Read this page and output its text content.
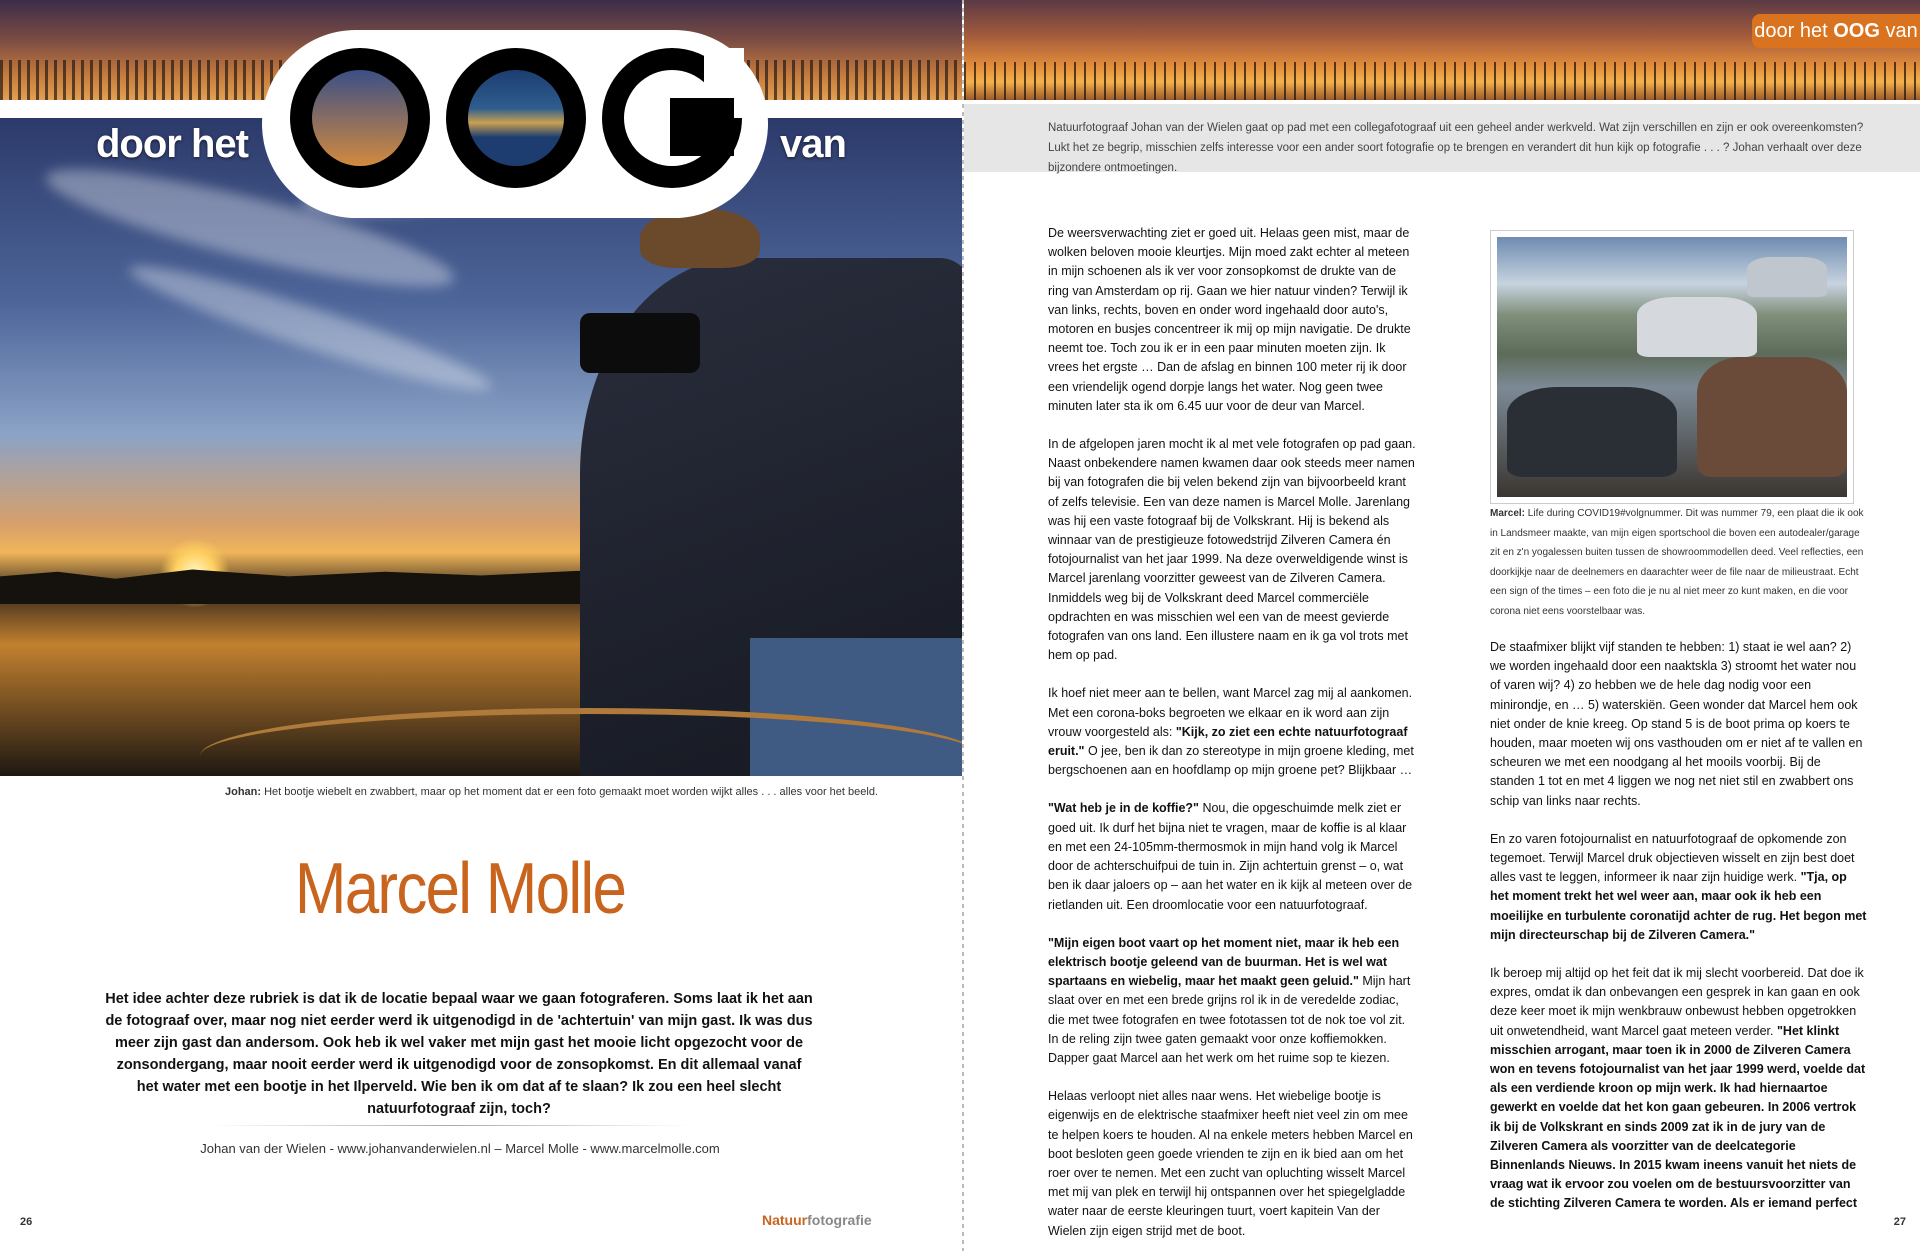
door het	van
Johan: Het bootje wiebelt en zwabbert, maar op het moment dat er een foto gemaakt moet worden wijkt alles . . . alles voor het beeld.
Marcel Molle
Het idee achter deze rubriek is dat ik de locatie bepaal waar we gaan fotograferen. Soms laat ik het aan de fotograaf over, maar nog niet eerder werd ik uitgenodigd in de 'achtertuin' van mijn gast. Ik was dus meer zijn gast dan andersom. Ook heb ik wel vaker met mijn gast het mooie licht opgezocht voor de zonsondergang, maar nooit eerder werd ik uitgenodigd voor de zonsopkomst. En dit allemaal vanaf het water met een bootje in het Ilperveld. Wie ben ik om dat af te slaan? Ik zou een heel slecht natuurfotograaf zijn, toch?
Johan van der Wielen - www.johanvanderwielen.nl – Marcel Molle - www.marcelmolle.com
26	Natuurfotografie
door het OOG van
Natuurfotograaf Johan van der Wielen gaat op pad met een collegafotograaf uit een geheel ander werkveld. Wat zijn verschillen en zijn er ook overeenkomsten? Lukt het ze begrip, misschien zelfs interesse voor een ander soort fotografie op te brengen en verandert dit hun kijk op fotografie . . . ? Johan verhaalt over deze bijzondere ontmoetingen.

De weersverwachting ziet er goed uit. Helaas geen mist, maar de wolken beloven mooie kleurtjes. Mijn moed zakt echter al meteen in mijn schoenen als ik ver voor zonsopkomst de drukte van de ring van Amsterdam op rij. Gaan we hier natuur vinden? Terwijl ik van links, rechts, boven en onder word ingehaald door auto's, motoren en busjes concentreer ik mij op mijn navigatie. De drukte neemt toe. Toch zou ik er in een paar minuten moeten zijn. Ik vrees het ergste … Dan de afslag en binnen 100 meter rij ik door een vriendelijk ogend dorpje langs het water. Nog geen twee minuten later sta ik om 6.45 uur voor de deur van Marcel.

In de afgelopen jaren mocht ik al met vele fotografen op pad gaan. Naast onbekendere namen kwamen daar ook steeds meer namen bij van fotografen die bij velen bekend zijn van bijvoorbeeld krant of zelfs televisie. Een van deze namen is Marcel Molle. Jarenlang was hij een vaste fotograaf bij de Volkskrant. Hij is bekend als winnaar van de prestigieuze fotowedstrijd Zilveren Camera én fotojournalist van het jaar 1999. Na deze overweldigende winst is Marcel jarenlang voorzitter geweest van de Zilveren Camera. Inmiddels weg bij de Volkskrant deed Marcel commerciële opdrachten en was misschien wel een van de meest gevierde fotografen van ons land. Een illustere naam en ik ga vol trots met hem op pad.

Ik hoef niet meer aan te bellen, want Marcel zag mij al aankomen. Met een corona-boks begroeten we elkaar en ik word aan zijn vrouw voorgesteld als: "Kijk, zo ziet een echte natuurfotograaf eruit." O jee, ben ik dan zo stereotype in mijn groene kleding, met bergschoenen aan en hoofdlamp op mijn groene pet? Blijkbaar …

"Wat heb je in de koffie?" Nou, die opgeschuimde melk ziet er goed uit. Ik durf het bijna niet te vragen, maar de koffie is al klaar en met een 24-105mm-thermosmok in mijn hand volg ik Marcel door de achterschuifpui de tuin in. Zijn achtertuin grenst – o, wat ben ik daar jaloers op – aan het water en ik kijk al meteen over de rietlanden uit. Een droomlocatie voor een natuurfotograaf.

"Mijn eigen boot vaart op het moment niet, maar ik heb een elektrisch bootje geleend van de buurman. Het is wel wat spartaans en wiebelig, maar het maakt geen geluid." Mijn hart slaat over en met een brede grijns rol ik in de veredelde zodiac, die met twee fotografen en twee fototassen tot de nok toe vol zit. In de reling zijn twee gaten gemaakt voor onze koffiemokken. Dapper gaat Marcel aan het werk om het ruime sop te kiezen.

Helaas verloopt niet alles naar wens. Het wiebelige bootje is eigenwijs en de elektrische staafmixer heeft niet veel zin om mee te helpen koers te houden. Al na enkele meters hebben Marcel en boot besloten geen goede vrienden te zijn en ik bied aan om het roer over te nemen. Met een zucht van opluchting wisselt Marcel met mij van plek en terwijl hij ontspannen over het spiegelgladde water naar de eerste kleuringen tuurt, voert kapitein Van der Wielen zijn eigen strijd met de boot.

Marcel: Life during COVID19#volgnummer. Dit was nummer 79, een plaat die ik ook in Landsmeer maakte, van mijn eigen sportschool die boven een autodealer/garage zit en z'n yogalessen buiten tussen de showroommodellen deed. Veel reflecties, een doorkijkje naar de deelnemers en daarachter weer de file naar de milieustraat. Echt een sign of the times – een foto die je nu al niet meer zo kunt maken, en die voor corona niet eens voorstelbaar was.

De staafmixer blijkt vijf standen te hebben: 1) staat ie wel aan? 2) we worden ingehaald door een naaktskla 3) stroomt het water nou of varen wij? 4) zo hebben we de hele dag nodig voor een minirondje, en … 5) waterskiën. Geen wonder dat Marcel hem ook niet onder de knie kreeg. Op stand 5 is de boot prima op koers te houden, maar moeten wij ons vasthouden om er niet af te vallen en scheuren we met een noodgang al het mooils voorbij. Bij de standen 1 tot en met 4 liggen we nog net niet stil en zwabbert ons schip van links naar rechts.

En zo varen fotojournalist en natuurfotograaf de opkomende zon tegemoet. Terwijl Marcel druk objectieven wisselt en zijn best doet alles vast te leggen, informeer ik naar zijn huidige werk. "Tja, op het moment trekt het wel weer aan, maar ook ik heb een moeilijke en turbulente coronatijd achter de rug. Het begon met mijn directeurschap bij de Zilveren Camera."

Ik beroep mij altijd op het feit dat ik mij slecht voorbereid. Dat doe ik expres, omdat ik dan onbevangen een gesprek in kan gaan en ook deze keer moet ik mijn wenkbrauw onbewust hebben opgetrokken uit onwetendheid, want Marcel gaat meteen verder. "Het klinkt misschien arrogant, maar toen ik in 2000 de Zilveren Camera won en tevens fotojournalist van het jaar 1999 werd, voelde dat als een verdiende kroon op mijn werk. Ik had hiernaartoe gewerkt en voelde dat het kon gaan gebeuren. In 2006 vertrok ik bij de Volkskrant en sinds 2009 zat ik in de jury van de Zilveren Camera als voorzitter van de deelcategorie Binnenlands Nieuws. In 2015 kwam ineens vanuit het niets de vraag wat ik ervoor zou voelen om de bestuursvoorzitter van de stichting Zilveren Camera te worden. Als er iemand perfect

27
